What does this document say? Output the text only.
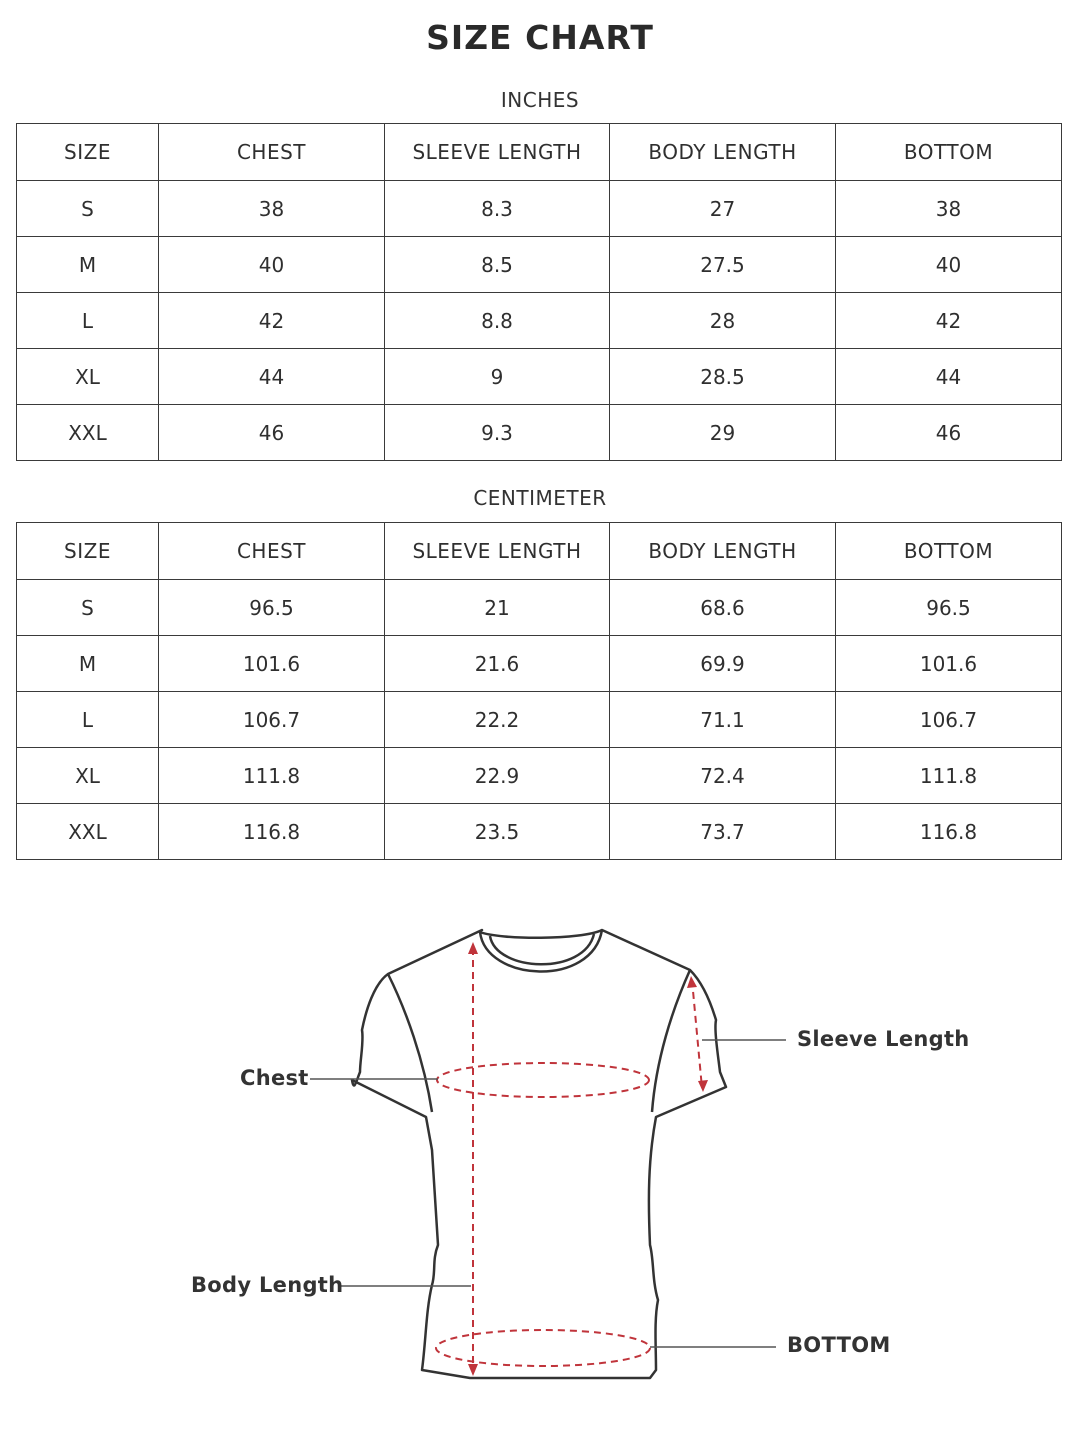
SIZE CHART
INCHES
SIZE	CHEST	SLEEVE LENGTH	BODY LENGTH	BOTTOM
S	38	8.3	27	38
M	40	8.5	27.5	40
L	42	8.8	28	42
XL	44	9	28.5	44
XXL	46	9.3	29	46
CENTIMETER
SIZE	CHEST	SLEEVE LENGTH	BODY LENGTH	BOTTOM
S	96.5	21	68.6	96.5
M	101.6	21.6	69.9	101.6
L	106.7	22.2	71.1	106.7
XL	111.8	22.9	72.4	111.8
XXL	116.8	23.5	73.7	116.8
Chest
Sleeve Length
Body Length
BOTTOM
